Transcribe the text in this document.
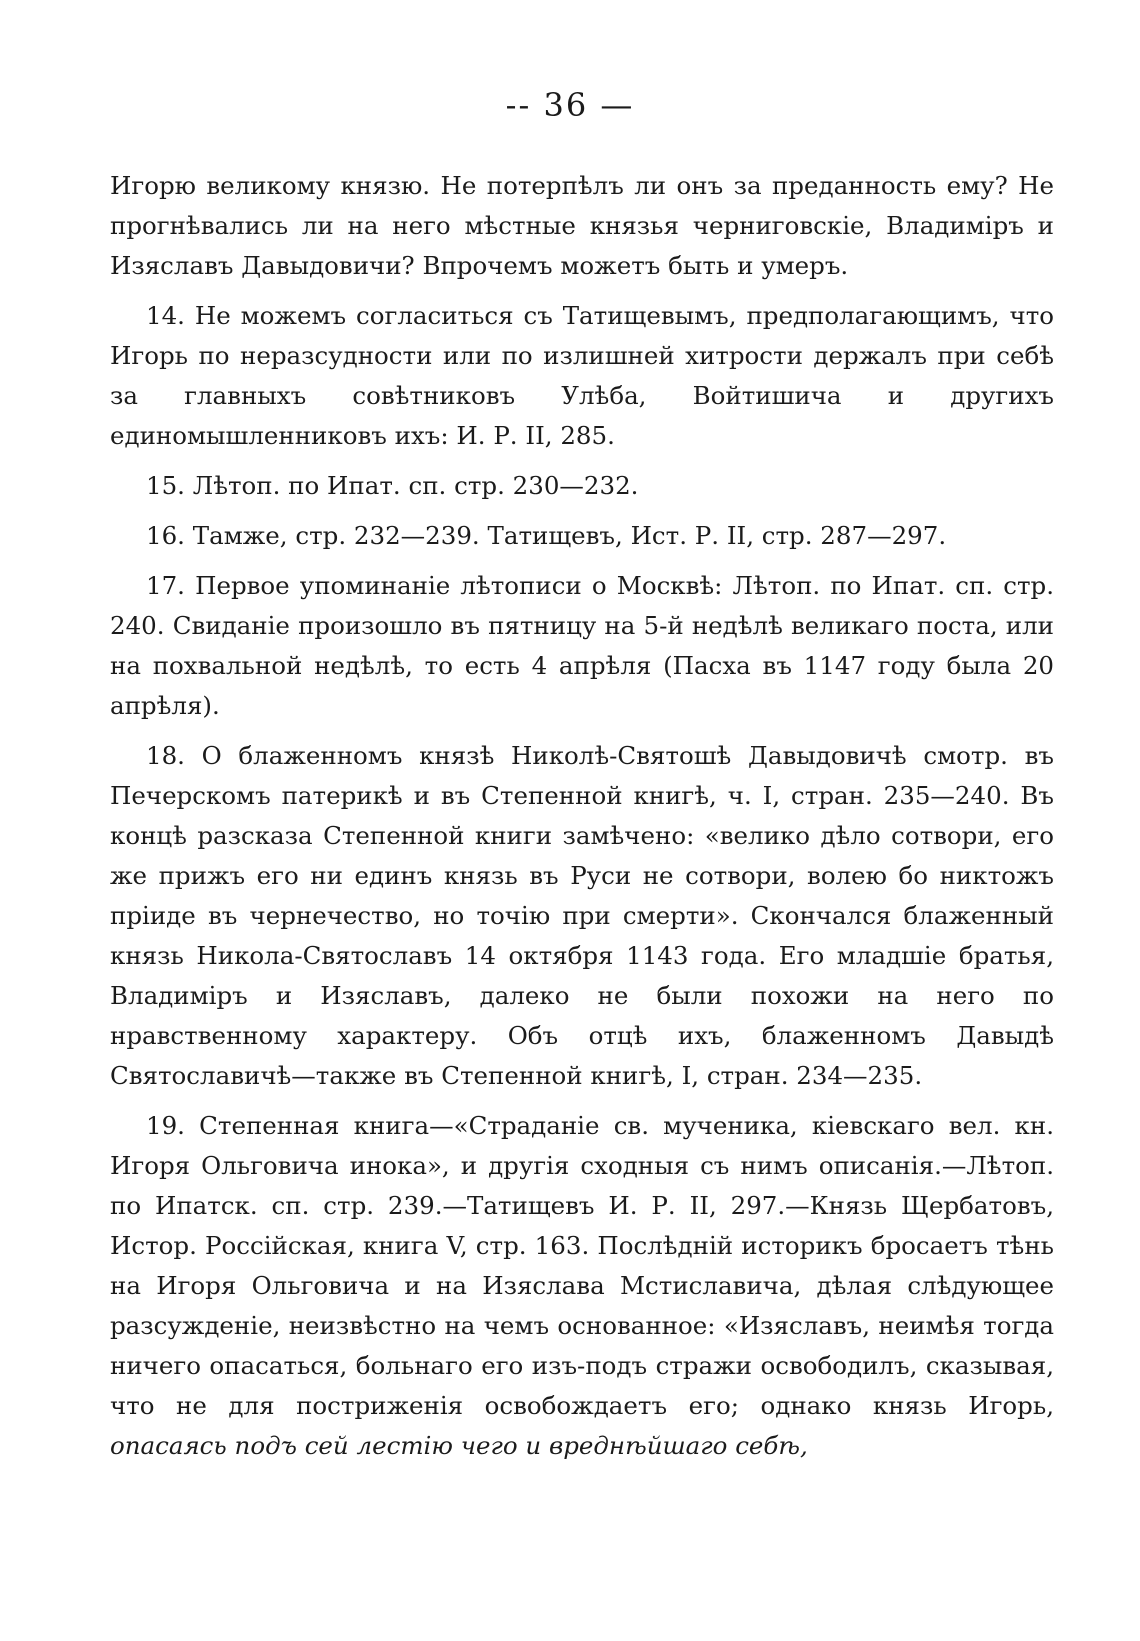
-- 36 —

Игорю великому князю. Не потерпѣлъ ли онъ за преданность ему? Не прогнѣвались ли на него мѣстные князья черниговскіе, Владиміръ и Изяславъ Давыдовичи? Впрочемъ можетъ быть и умеръ.

14. Не можемъ согласиться съ Татищевымъ, предполагающимъ, что Игорь по неразсудности или по излишней хитрости держалъ при себѣ за главныхъ совѣтниковъ Улѣба, Войтишича и другихъ единомышленниковъ ихъ: И. Р. II, 285.

15. Лѣтоп. по Ипат. сп. стр. 230—232.

16. Тамже, стр. 232—239. Татищевъ, Ист. Р. II, стр. 287—297.

17. Первое упоминаніе лѣтописи о Москвѣ: Лѣтоп. по Ипат. сп. стр. 240. Свиданіе произошло въ пятницу на 5-й недѣлѣ великаго поста, или на похвальной недѣлѣ, то есть 4 апрѣля (Пасха въ 1147 году была 20 апрѣля).

18. О блаженномъ князѣ Николѣ-Святошѣ Давыдовичѣ смотр. въ Печерскомъ патерикѣ и въ Степенной книгѣ, ч. I, стран. 235—240. Въ концѣ разсказа Степенной книги замѣчено: «велико дѣло сотвори, его же прижъ его ни единъ князь въ Руси не сотвори, волею бо никтожъ пріиде въ чернечество, но точію при смерти». Скончался блаженный князь Никола-Святославъ 14 октября 1143 года. Его младшіе братья, Владиміръ и Изяславъ, далеко не были похожи на него по нравственному характеру. Объ отцѣ ихъ, блаженномъ Давыдѣ Святославичѣ—также въ Степенной книгѣ, I, стран. 234—235.

19. Степенная книга—«Страданіе св. мученика, кіевскаго вел. кн. Игоря Ольговича инока», и другія сходныя съ нимъ описанія.—Лѣтоп. по Ипатск. сп. стр. 239.—Татищевъ И. Р. II, 297.—Князь Щербатовъ, Истор. Россійская, книга V, стр. 163. Послѣдній историкъ бросаетъ тѣнь на Игоря Ольговича и на Изяслава Мстиславича, дѣлая слѣдующее разсужденіе, неизвѣстно на чемъ основанное: «Изяславъ, неимѣя тогда ничего опасаться, больнаго его изъ-подъ стражи освободилъ, сказывая, что не для постриженія освобождаетъ его; однако князь Игорь, опасаясь подъ сей лестію чего и вреднѣйшаго себѣ,
